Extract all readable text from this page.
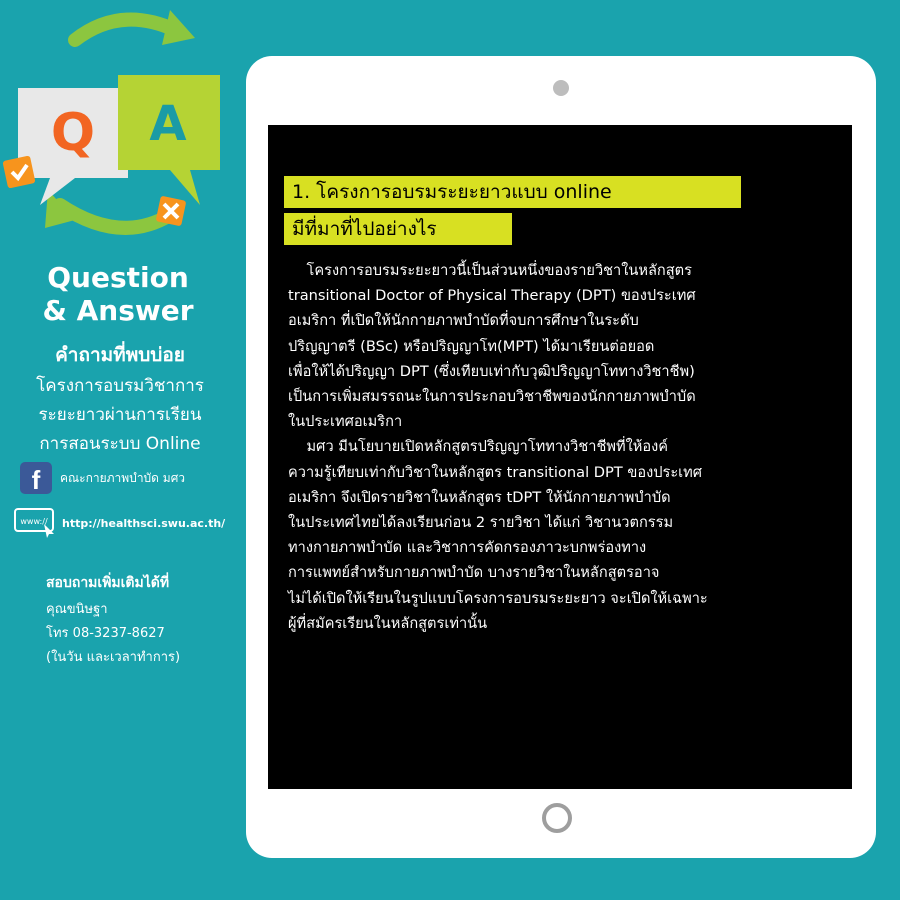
Q A
Question
& Answer
คำถามที่พบบ่อย
โครงการอบรมวิชาการ
ระยะยาวผ่านการเรียน
การสอนระบบ Online
f	คณะกายภาพบำบัด มศว
www:// http://healthsci.swu.ac.th/
สอบถามเพิ่มเติมได้ที่
คุณขนิษฐา
โทร 08-3237-8627
(ในวัน และเวลาทำการ)
1. โครงการอบรมระยะยาวแบบ online
มีที่มาที่ไปอย่างไร

โครงการอบรมระยะยาวนี้เป็นส่วนหนึ่งของรายวิชาในหลักสูตร

transitional Doctor of Physical Therapy (DPT) ของประเทศ

อเมริกา ที่เปิดให้นักกายภาพบำบัดที่จบการศึกษาในระดับ

ปริญญาตรี (BSc) หรือปริญญาโท(MPT) ได้มาเรียนต่อยอด

เพื่อให้ได้ปริญญา DPT (ซึ่งเทียบเท่ากับวุฒิปริญญาโททางวิชาชีพ)

เป็นการเพิ่มสมรรถนะในการประกอบวิชาชีพของนักกายภาพบำบัด

ในประเทศอเมริกา

มศว มีนโยบายเปิดหลักสูตรปริญญาโททางวิชาชีพที่ให้องค์

ความรู้เทียบเท่ากับวิชาในหลักสูตร transitional DPT ของประเทศ

อเมริกา จึงเปิดรายวิชาในหลักสูตร tDPT ให้นักกายภาพบำบัด

ในประเทศไทยได้ลงเรียนก่อน 2 รายวิชา ได้แก่ วิชานวตกรรม

ทางกายภาพบำบัด และวิชาการคัดกรองภาวะบกพร่องทาง

การแพทย์สำหรับกายภาพบำบัด บางรายวิชาในหลักสูตรอาจ

ไม่ได้เปิดให้เรียนในรูปแบบโครงการอบรมระยะยาว จะเปิดให้เฉพาะ

ผู้ที่สมัครเรียนในหลักสูตรเท่านั้น
